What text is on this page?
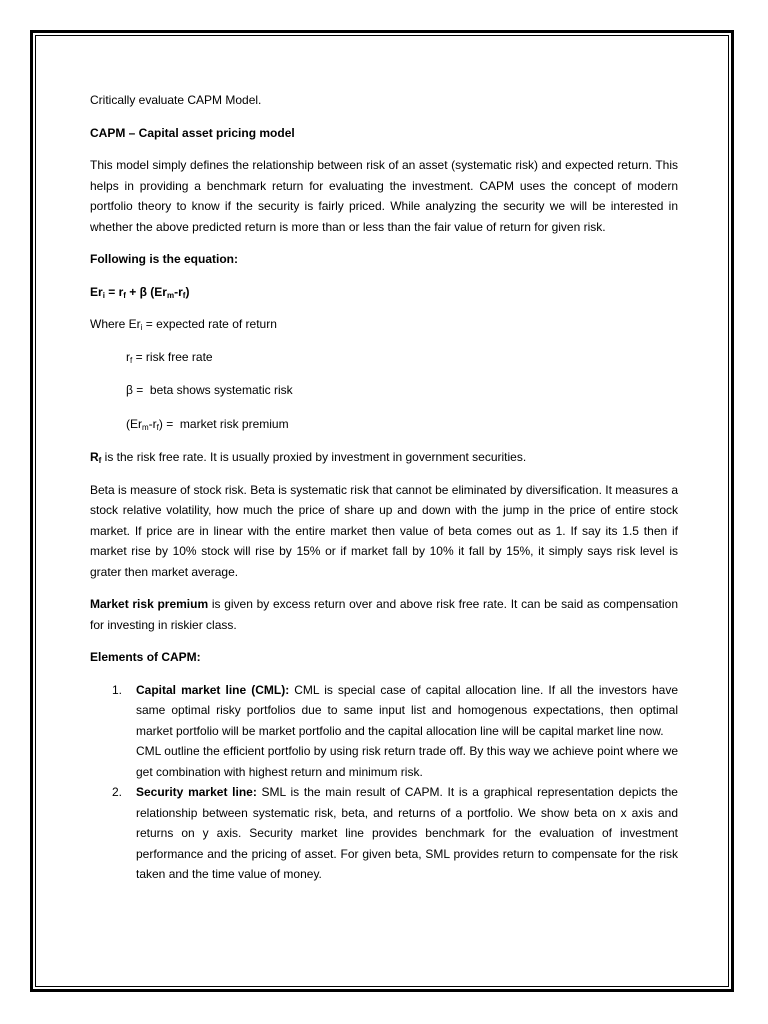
Critically evaluate CAPM Model.

CAPM – Capital asset pricing model

This model simply defines the relationship between risk of an asset (systematic risk) and expected return. This helps in providing a benchmark return for evaluating the investment. CAPM uses the concept of modern portfolio theory to know if the security is fairly priced. While analyzing the security we will be interested in whether the above predicted return is more than or less than the fair value of return for given risk.

Following is the equation:

$Er_i = r_f + \beta$ $(Er_m-r_f)$

Where $Er_i$ = expected rate of return

$r_f$ = risk free rate

β =  beta shows systematic risk

$(Er_m-r_f)$ =  market risk premium

$R_f$ is the risk free rate. It is usually proxied by investment in government securities.

Beta is measure of stock risk. Beta is systematic risk that cannot be eliminated by diversification. It measures a stock relative volatility, how much the price of share up and down with the jump in the price of entire stock market. If price are in linear with the entire market then value of beta comes out as 1. If say its 1.5 then if market rise by 10% stock will rise by 15% or if market fall by 10% it fall by 15%, it simply says risk level is grater then market average.

Market risk premium is given by excess return over and above risk free rate. It can be said as compensation for investing in riskier class.

Elements of CAPM:

1. Capital market line (CML): CML is special case of capital allocation line. If all the investors have same optimal risky portfolios due to same input list and homogenous expectations, then optimal market portfolio will be market portfolio and the capital allocation line will be capital market line now.
CML outline the efficient portfolio by using risk return trade off. By this way we achieve point where we get combination with highest return and minimum risk.
2. Security market line: SML is the main result of CAPM. It is a graphical representation depicts the relationship between systematic risk, beta, and returns of a portfolio. We show beta on x axis and returns on y axis. Security market line provides benchmark for the evaluation of investment performance and the pricing of asset. For given beta, SML provides return to compensate for the risk taken and the time value of money.
